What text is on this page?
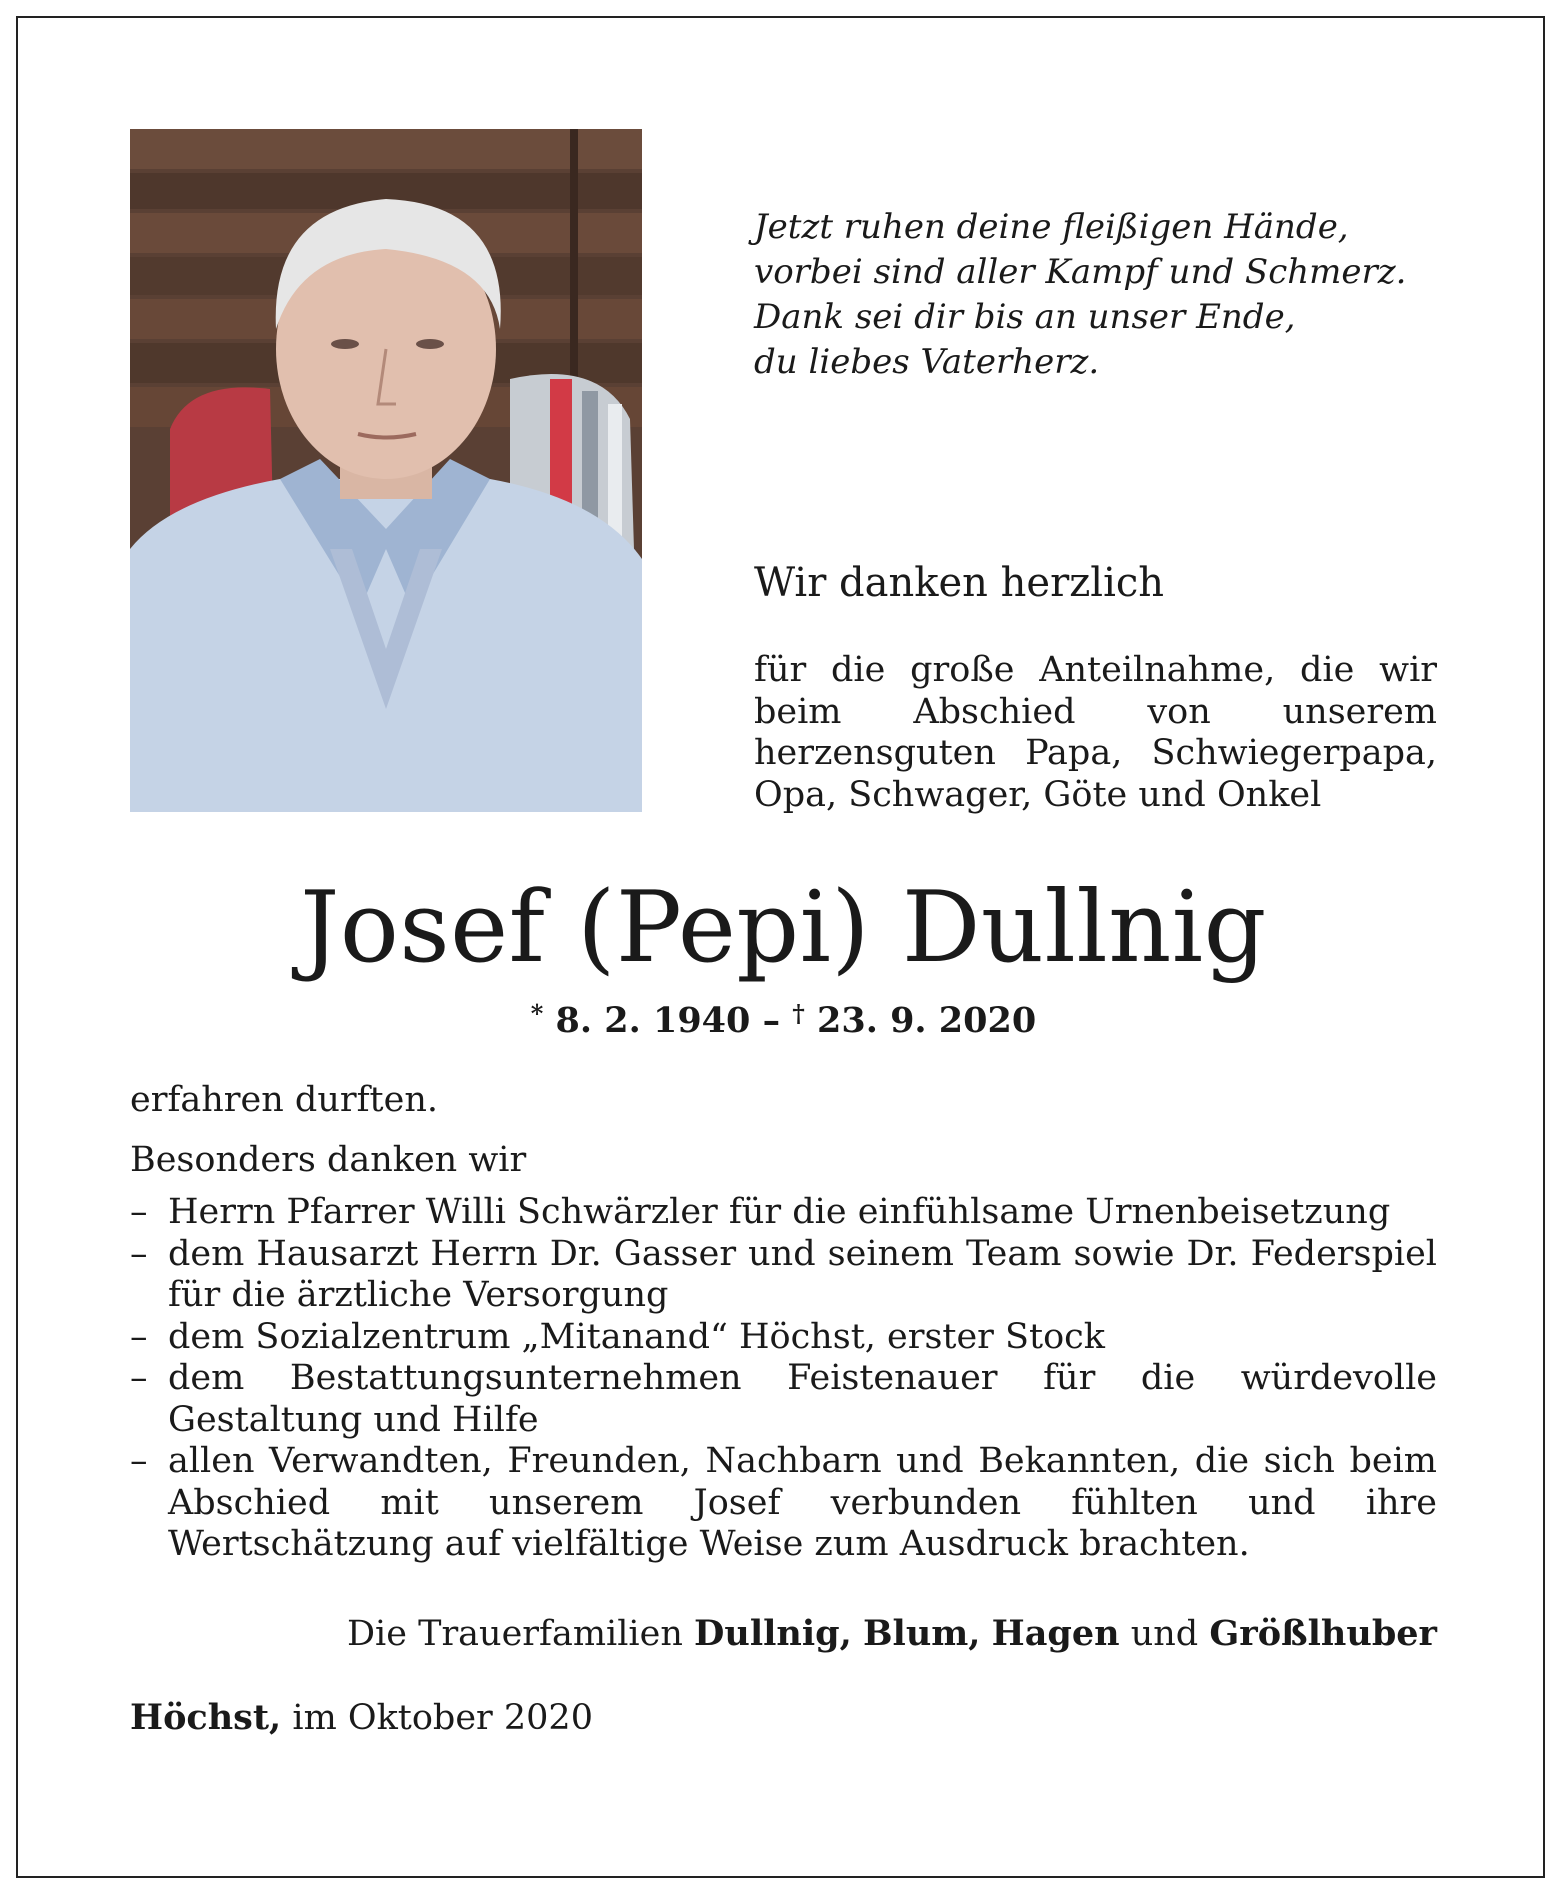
Jetzt ruhen deine fleißigen Hände,
vorbei sind aller Kampf und Schmerz.
Dank sei dir bis an unser Ende,
du liebes Vaterherz.
Wir danken herzlich
für die große Anteilnahme, die wir beim Abschied von unserem herzensguten Papa, Schwiegerpapa, Opa, Schwager, Göte und Onkel
Josef (Pepi) Dullnig
* 8. 2. 1940 – † 23. 9. 2020
erfahren durften.
Besonders danken wir
– Herrn Pfarrer Willi Schwärzler für die einfühlsame Urnenbeisetzung
– dem Hausarzt Herrn Dr. Gasser und seinem Team sowie Dr. Federspiel für die ärztliche Versorgung
– dem Sozialzentrum „Mitanand“ Höchst, erster Stock
– dem Bestattungsunternehmen Feistenauer für die würdevolle Gestaltung und Hilfe
– allen Verwandten, Freunden, Nachbarn und Bekannten, die sich beim Abschied mit unserem Josef verbunden fühlten und ihre Wertschätzung auf vielfältige Weise zum Ausdruck brachten.
Die Trauerfamilien Dullnig, Blum, Hagen und Größlhuber
Höchst, im Oktober 2020
